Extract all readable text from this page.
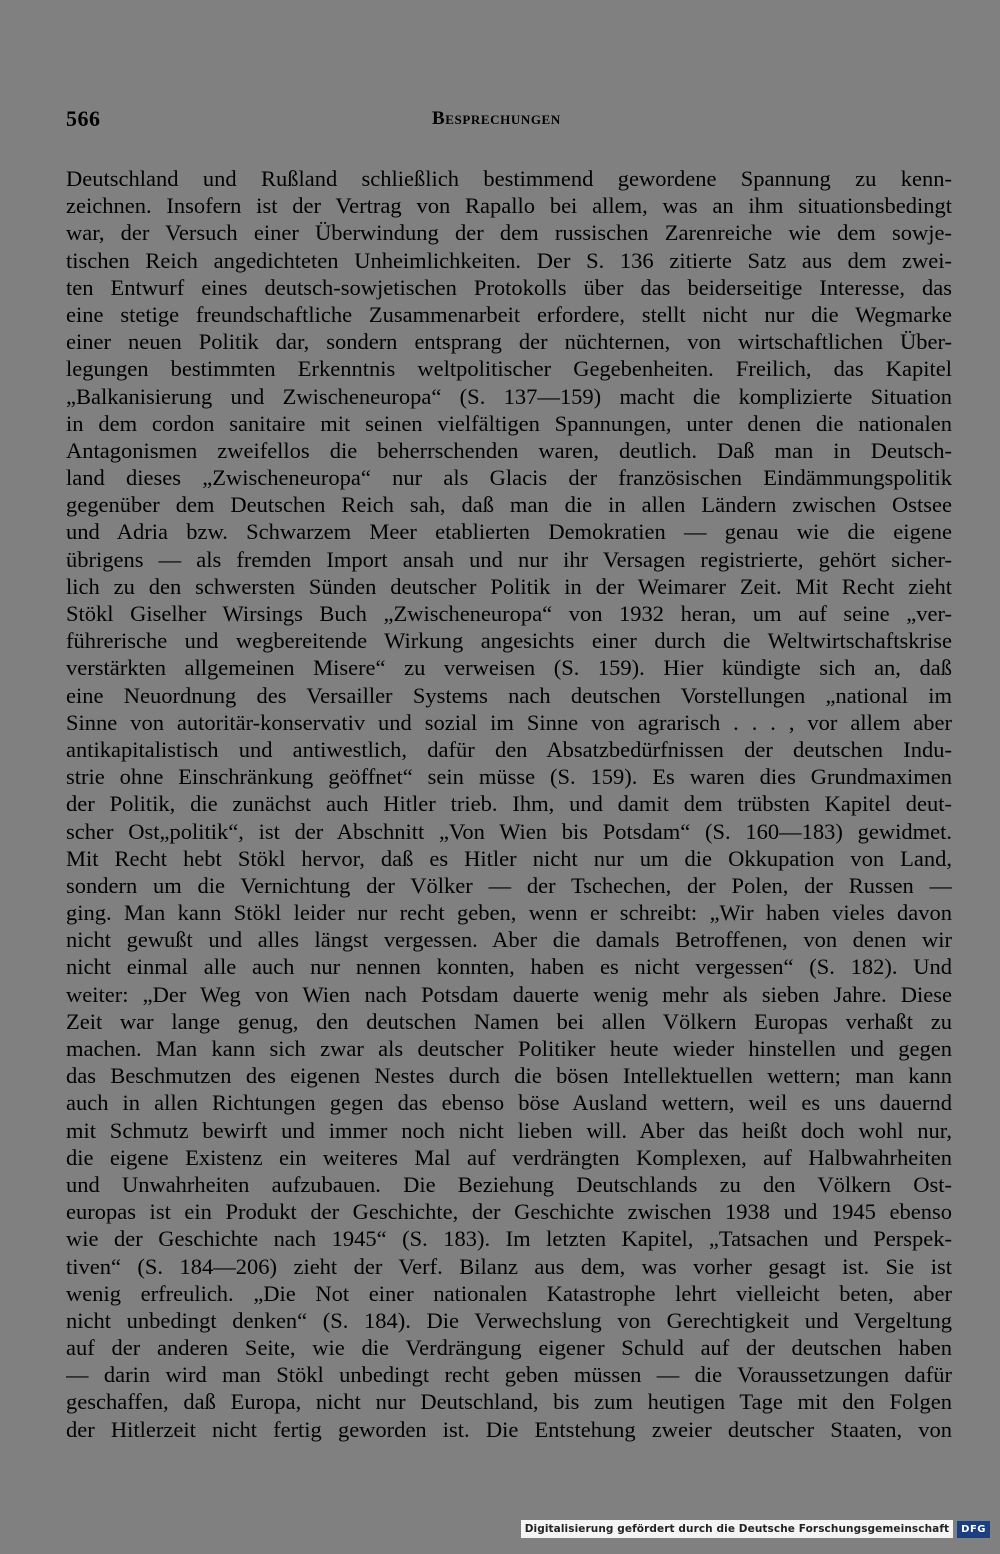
566	Besprechungen
Deutschland und Rußland schließlich bestimmend gewordene Spannung zu kenn-
zeichnen. Insofern ist der Vertrag von Rapallo bei allem, was an ihm situationsbedingt
war, der Versuch einer Überwindung der dem russischen Zarenreiche wie dem sowje-
tischen Reich angedichteten Unheimlichkeiten. Der S. 136 zitierte Satz aus dem zwei-
ten Entwurf eines deutsch-sowjetischen Protokolls über das beiderseitige Interesse, das
eine stetige freundschaftliche Zusammenarbeit erfordere, stellt nicht nur die Wegmarke
einer neuen Politik dar, sondern entsprang der nüchternen, von wirtschaftlichen Über-
legungen bestimmten Erkenntnis weltpolitischer Gegebenheiten. Freilich, das Kapitel
„Balkanisierung und Zwischeneuropa“ (S. 137—159) macht die komplizierte Situation
in dem cordon sanitaire mit seinen vielfältigen Spannungen, unter denen die nationalen
Antagonismen zweifellos die beherrschenden waren, deutlich. Daß man in Deutsch-
land dieses „Zwischeneuropa“ nur als Glacis der französischen Eindämmungspolitik
gegenüber dem Deutschen Reich sah, daß man die in allen Ländern zwischen Ostsee
und Adria bzw. Schwarzem Meer etablierten Demokratien — genau wie die eigene
übrigens — als fremden Import ansah und nur ihr Versagen registrierte, gehört sicher-
lich zu den schwersten Sünden deutscher Politik in der Weimarer Zeit. Mit Recht zieht
Stökl Giselher Wirsings Buch „Zwischeneuropa“ von 1932 heran, um auf seine „ver-
führerische und wegbereitende Wirkung angesichts einer durch die Weltwirtschaftskrise
verstärkten allgemeinen Misere“ zu verweisen (S. 159). Hier kündigte sich an, daß
eine Neuordnung des Versailler Systems nach deutschen Vorstellungen „national im
Sinne von autoritär-konservativ und sozial im Sinne von agrarisch . . . , vor allem aber
antikapitalistisch und antiwestlich, dafür den Absatzbedürfnissen der deutschen Indu-
strie ohne Einschränkung geöffnet“ sein müsse (S. 159). Es waren dies Grundmaximen
der Politik, die zunächst auch Hitler trieb. Ihm, und damit dem trübsten Kapitel deut-
scher Ost„politik“, ist der Abschnitt „Von Wien bis Potsdam“ (S. 160—183) gewidmet.
Mit Recht hebt Stökl hervor, daß es Hitler nicht nur um die Okkupation von Land,
sondern um die Vernichtung der Völker — der Tschechen, der Polen, der Russen —
ging. Man kann Stökl leider nur recht geben, wenn er schreibt: „Wir haben vieles davon
nicht gewußt und alles längst vergessen. Aber die damals Betroffenen, von denen wir
nicht einmal alle auch nur nennen konnten, haben es nicht vergessen“ (S. 182). Und
weiter: „Der Weg von Wien nach Potsdam dauerte wenig mehr als sieben Jahre. Diese
Zeit war lange genug, den deutschen Namen bei allen Völkern Europas verhaßt zu
machen. Man kann sich zwar als deutscher Politiker heute wieder hinstellen und gegen
das Beschmutzen des eigenen Nestes durch die bösen Intellektuellen wettern; man kann
auch in allen Richtungen gegen das ebenso böse Ausland wettern, weil es uns dauernd
mit Schmutz bewirft und immer noch nicht lieben will. Aber das heißt doch wohl nur,
die eigene Existenz ein weiteres Mal auf verdrängten Komplexen, auf Halbwahrheiten
und Unwahrheiten aufzubauen. Die Beziehung Deutschlands zu den Völkern Ost-
europas ist ein Produkt der Geschichte, der Geschichte zwischen 1938 und 1945 ebenso
wie der Geschichte nach 1945“ (S. 183). Im letzten Kapitel, „Tatsachen und Perspek-
tiven“ (S. 184—206) zieht der Verf. Bilanz aus dem, was vorher gesagt ist. Sie ist
wenig erfreulich. „Die Not einer nationalen Katastrophe lehrt vielleicht beten, aber
nicht unbedingt denken“ (S. 184). Die Verwechslung von Gerechtigkeit und Vergeltung
auf der anderen Seite, wie die Verdrängung eigener Schuld auf der deutschen haben
— darin wird man Stökl unbedingt recht geben müssen — die Voraussetzungen dafür
geschaffen, daß Europa, nicht nur Deutschland, bis zum heutigen Tage mit den Folgen
der Hitlerzeit nicht fertig geworden ist. Die Entstehung zweier deutscher Staaten, von
Digitalisierung gefördert durch die Deutsche Forschungsgemeinschaft	DFG
